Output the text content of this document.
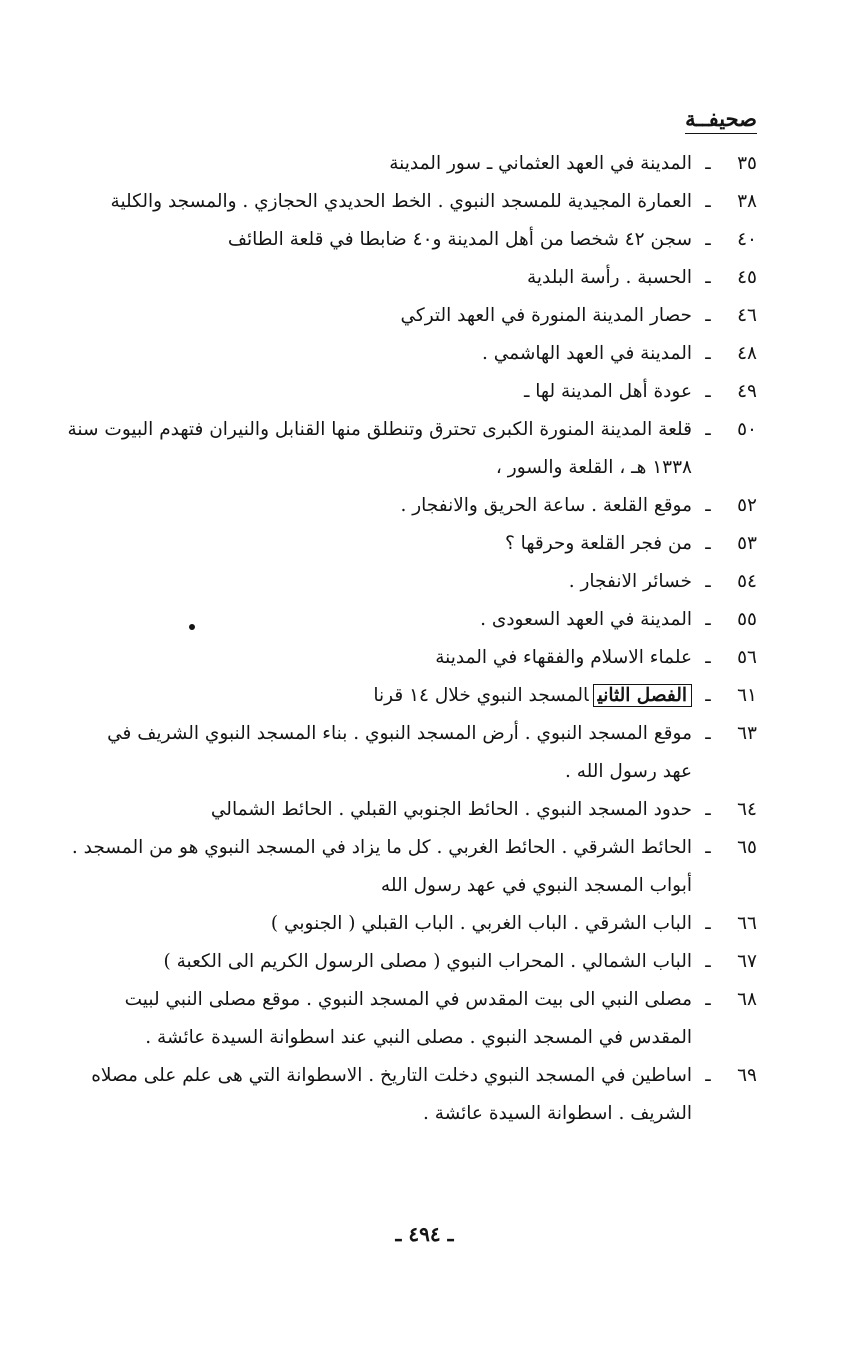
صحيفــة
٣٥
ـ
المدينة في العهد العثماني ـ سور المدينة
٣٨
ـ
العمارة المجيدية للمسجد النبوي . الخط الحديدي الحجازي . والمسجد والكلية
٤٠
ـ
سجن ٤٢ شخصا من أهل المدينة و٤٠ ضابطا في قلعة الطائف
٤٥
ـ
الحسبة . رأسة البلدية
٤٦
ـ
حصار المدينة المنورة في العهد التركي
٤٨
ـ
المدينة في العهد الهاشمي .
٤٩
ـ
عودة أهل المدينة لها ـ
٥٠
ـ
قلعة المدينة المنورة الكبرى تحترق وتنطلق منها القنابل والنيران فتهدم البيوت سنة
١٣٣٨ هـ ، القلعة والسور ،
٥٢
ـ
موقع القلعة . ساعة الحريق والانفجار .
٥٣
ـ
من فجر القلعة وحرقها ؟
٥٤
ـ
خسائر الانفجار .
٥٥
ـ
المدينة في العهد السعودى .
٥٦
ـ
علماء الاسلام والفقهاء في المدينة
٦١
ـ
الفصل الثانيالمسجد النبوي خلال ١٤ قرنا
٦٣
ـ
موقع المسجد النبوي . أرض المسجد النبوي . بناء المسجد النبوي الشريف في
عهد رسول الله .
٦٤
ـ
حدود المسجد النبوي . الحائط الجنوبي القبلي . الحائط الشمالي
٦٥
ـ
الحائط الشرقي . الحائط الغربي . كل ما يزاد في المسجد النبوي هو من المسجد .
أبواب المسجد النبوي في عهد رسول الله
٦٦
ـ
الباب الشرقي . الباب الغربي . الباب القبلي ( الجنوبي )
٦٧
ـ
الباب الشمالي . المحراب النبوي ( مصلى الرسول الكريم الى الكعبة )
٦٨
ـ
مصلى النبي الى بيت المقدس في المسجد النبوي . موقع مصلى النبي لبيت
المقدس في المسجد النبوي . مصلى النبي عند اسطوانة السيدة عائشة .
٦٩
ـ
اساطين في المسجد النبوي دخلت التاريخ . الاسطوانة التي هى علم على مصلاه
الشريف . اسطوانة السيدة عائشة .
ـ ٤٩٤ ـ
